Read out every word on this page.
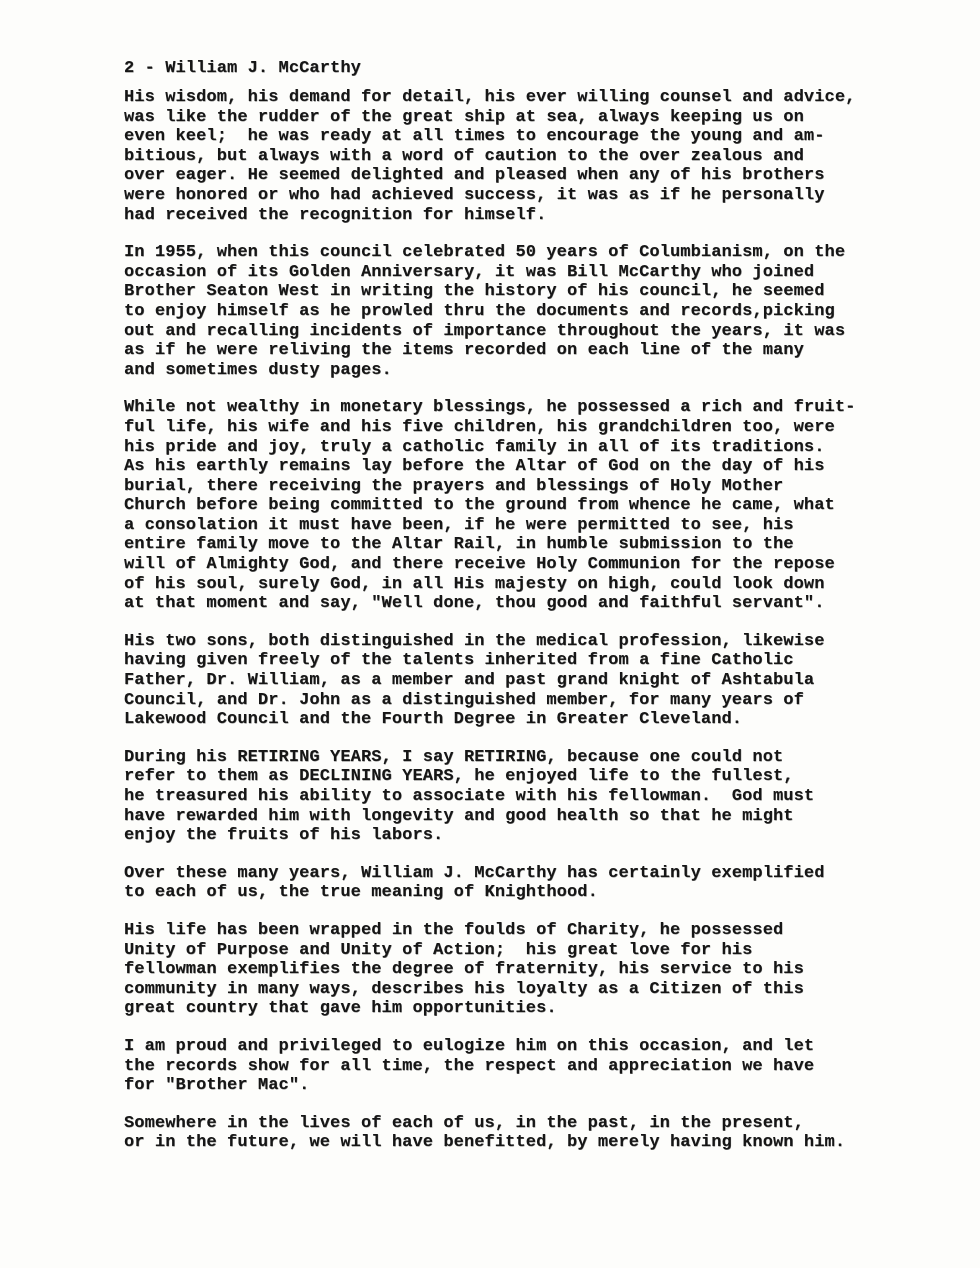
2 - William J. McCarthy
His wisdom, his demand for detail, his ever willing counsel and advice,
was like the rudder of the great ship at sea, always keeping us on
even keel;  he was ready at all times to encourage the young and am-
bitious, but always with a word of caution to the over zealous and
over eager. He seemed delighted and pleased when any of his brothers
were honored or who had achieved success, it was as if he personally
had received the recognition for himself.
In 1955, when this council celebrated 50 years of Columbianism, on the
occasion of its Golden Anniversary, it was Bill McCarthy who joined
Brother Seaton West in writing the history of his council, he seemed
to enjoy himself as he prowled thru the documents and records,picking
out and recalling incidents of importance throughout the years, it was
as if he were reliving the items recorded on each line of the many
and sometimes dusty pages.
While not wealthy in monetary blessings, he possessed a rich and fruit-
ful life, his wife and his five children, his grandchildren too, were
his pride and joy, truly a catholic family in all of its traditions.
As his earthly remains lay before the Altar of God on the day of his
burial, there receiving the prayers and blessings of Holy Mother
Church before being committed to the ground from whence he came, what
a consolation it must have been, if he were permitted to see, his
entire family move to the Altar Rail, in humble submission to the
will of Almighty God, and there receive Holy Communion for the repose
of his soul, surely God, in all His majesty on high, could look down
at that moment and say, "Well done, thou good and faithful servant".
His two sons, both distinguished in the medical profession, likewise
having given freely of the talents inherited from a fine Catholic
Father, Dr. William, as a member and past grand knight of Ashtabula
Council, and Dr. John as a distinguished member, for many years of
Lakewood Council and the Fourth Degree in Greater Cleveland.
During his RETIRING YEARS, I say RETIRING, because one could not
refer to them as DECLINING YEARS, he enjoyed life to the fullest,
he treasured his ability to associate with his fellowman.  God must
have rewarded him with longevity and good health so that he might
enjoy the fruits of his labors.
Over these many years, William J. McCarthy has certainly exemplified
to each of us, the true meaning of Knighthood.
His life has been wrapped in the foulds of Charity, he possessed
Unity of Purpose and Unity of Action;  his great love for his
fellowman exemplifies the degree of fraternity, his service to his
community in many ways, describes his loyalty as a Citizen of this
great country that gave him opportunities.
I am proud and privileged to eulogize him on this occasion, and let
the records show for all time, the respect and appreciation we have
for "Brother Mac".
Somewhere in the lives of each of us, in the past, in the present,
or in the future, we will have benefitted, by merely having known him.
